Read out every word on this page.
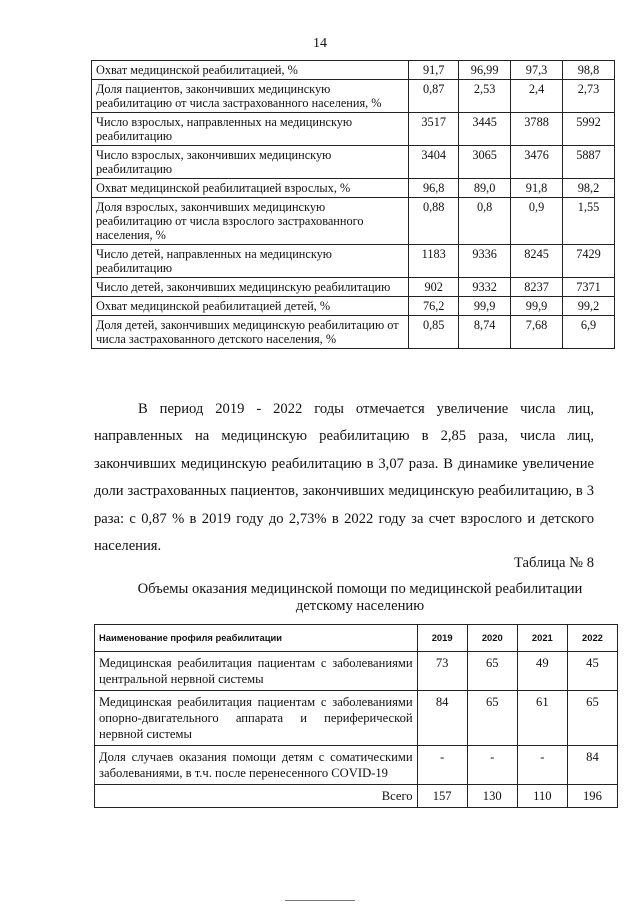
14
Охват медицинской реабилитацией, %	91,7	96,99	97,3	98,8
Доля пациентов, закончивших медицинскую реабилитацию от числа застрахованного населения, %	0,87	2,53	2,4	2,73
Число взрослых, направленных на медицинскую реабилитацию	3517	3445	3788	5992
Число взрослых, закончивших медицинскую реабилитацию	3404	3065	3476	5887
Охват медицинской реабилитацией взрослых, %	96,8	89,0	91,8	98,2
Доля взрослых, закончивших медицинскую реабилитацию от числа взрослого застрахованного населения, %	0,88	0,8	0,9	1,55
Число детей, направленных на медицинскую реабилитацию	1183	9336	8245	7429
Число детей, закончивших медицинскую реабилитацию	902	9332	8237	7371
Охват медицинской реабилитацией детей, %	76,2	99,9	99,9	99,2
Доля детей, закончивших медицинскую реабилитацию от числа застрахованного детского населения, %	0,85	8,74	7,68	6,9
В период 2019 - 2022 годы отмечается увеличение числа лиц, направленных на медицинскую реабилитацию в 2,85 раза, числа лиц, закончивших медицинскую реабилитацию в 3,07 раза. В динамике увеличение доли застрахованных пациентов, закончивших медицинскую реабилитацию, в 3 раза: с 0,87 % в 2019 году до 2,73% в 2022 году за счет взрослого и детского населения.
Таблица № 8
Объемы оказания медицинской помощи по медицинской реабилитации детскому населению
Наименование профиля реабилитации	2019	2020	2021	2022
Медицинская реабилитация пациентам с заболеваниями центральной нервной системы	73	65	49	45
Медицинская реабилитация пациентам с заболеваниями опорно-двигательного аппарата и периферической нервной системы	84	65	61	65
Доля случаев оказания помощи детям с соматическими заболеваниями, в т.ч. после перенесенного COVID-19	-	-	-	84
Всего	157	130	110	196
